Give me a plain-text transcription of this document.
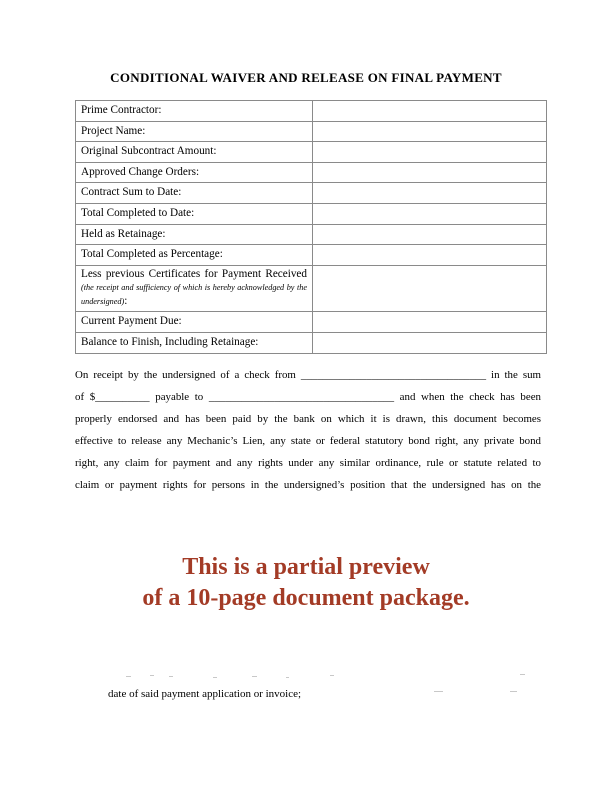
CONDITIONAL WAIVER AND RELEASE ON FINAL PAYMENT
Prime Contractor:
Project Name:
Original Subcontract Amount:
Approved Change Orders:
Contract Sum to Date:
Total Completed to Date:
Held as Retainage:
Total Completed as Percentage:
Less previous Certificates for Payment Received (the receipt and sufficiency of which is hereby acknowledged by the undersigned):
Current Payment Due:
Balance to Finish, Including Retainage:
On receipt by the undersigned of a check from __________________________________ in the sum
of $__________ payable to __________________________________ and when the check has been
properly endorsed and has been paid by the bank on which it is drawn, this document becomes
effective to release any Mechanic’s Lien, any state or federal statutory bond right, any private bond
right, any claim for payment and any rights under any similar ordinance, rule or statute related to
claim or payment rights for persons in the undersigned’s position that the undersigned has on the
This is a partial preview
of a 10-page document package.
date of said payment application or invoice;
